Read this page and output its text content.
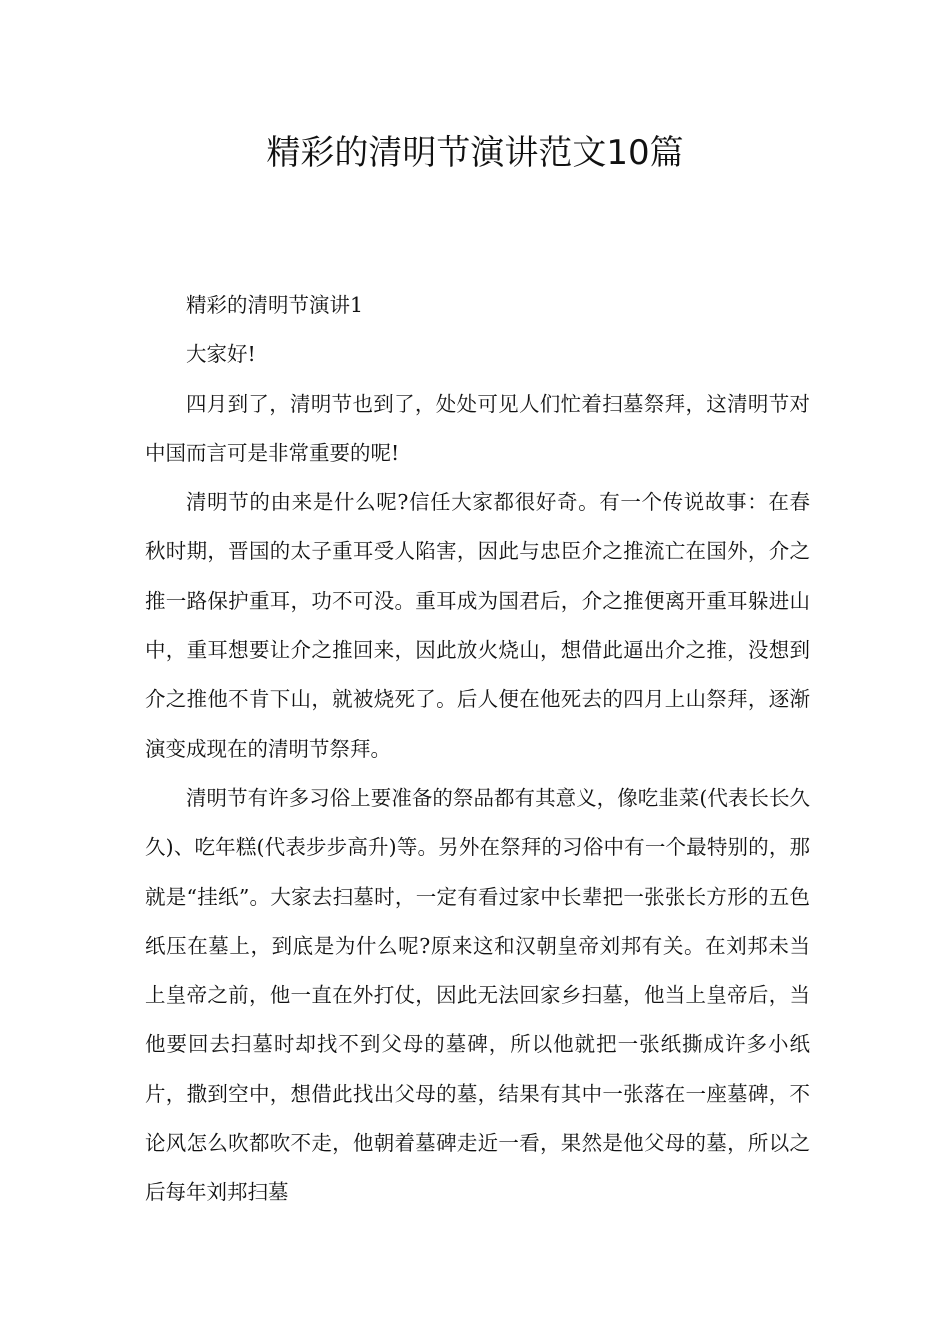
精彩的清明节演讲范文10篇

精彩的清明节演讲1

大家好!

四月到了，清明节也到了，处处可见人们忙着扫墓祭拜，这清明节对中国而言可是非常重要的呢!

清明节的由来是什么呢?信任大家都很好奇。有一个传说故事：在春秋时期，晋国的太子重耳受人陷害，因此与忠臣介之推流亡在国外，介之推一路保护重耳，功不可没。重耳成为国君后，介之推便离开重耳躲进山中，重耳想要让介之推回来，因此放火烧山，想借此逼出介之推，没想到介之推他不肯下山，就被烧死了。后人便在他死去的四月上山祭拜，逐渐演变成现在的清明节祭拜。

清明节有许多习俗上要准备的祭品都有其意义，像吃韭菜(代表长长久久)、吃年糕(代表步步高升)等。另外在祭拜的习俗中有一个最特别的，那就是“挂纸”。大家去扫墓时，一定有看过家中长辈把一张张长方形的五色纸压在墓上，到底是为什么呢?原来这和汉朝皇帝刘邦有关。在刘邦未当上皇帝之前，他一直在外打仗，因此无法回家乡扫墓，他当上皇帝后，当他要回去扫墓时却找不到父母的墓碑，所以他就把一张纸撕成许多小纸片，撒到空中，想借此找出父母的墓，结果有其中一张落在一座墓碑，不论风怎么吹都吹不走，他朝着墓碑走近一看，果然是他父母的墓，所以之后每年刘邦扫墓
